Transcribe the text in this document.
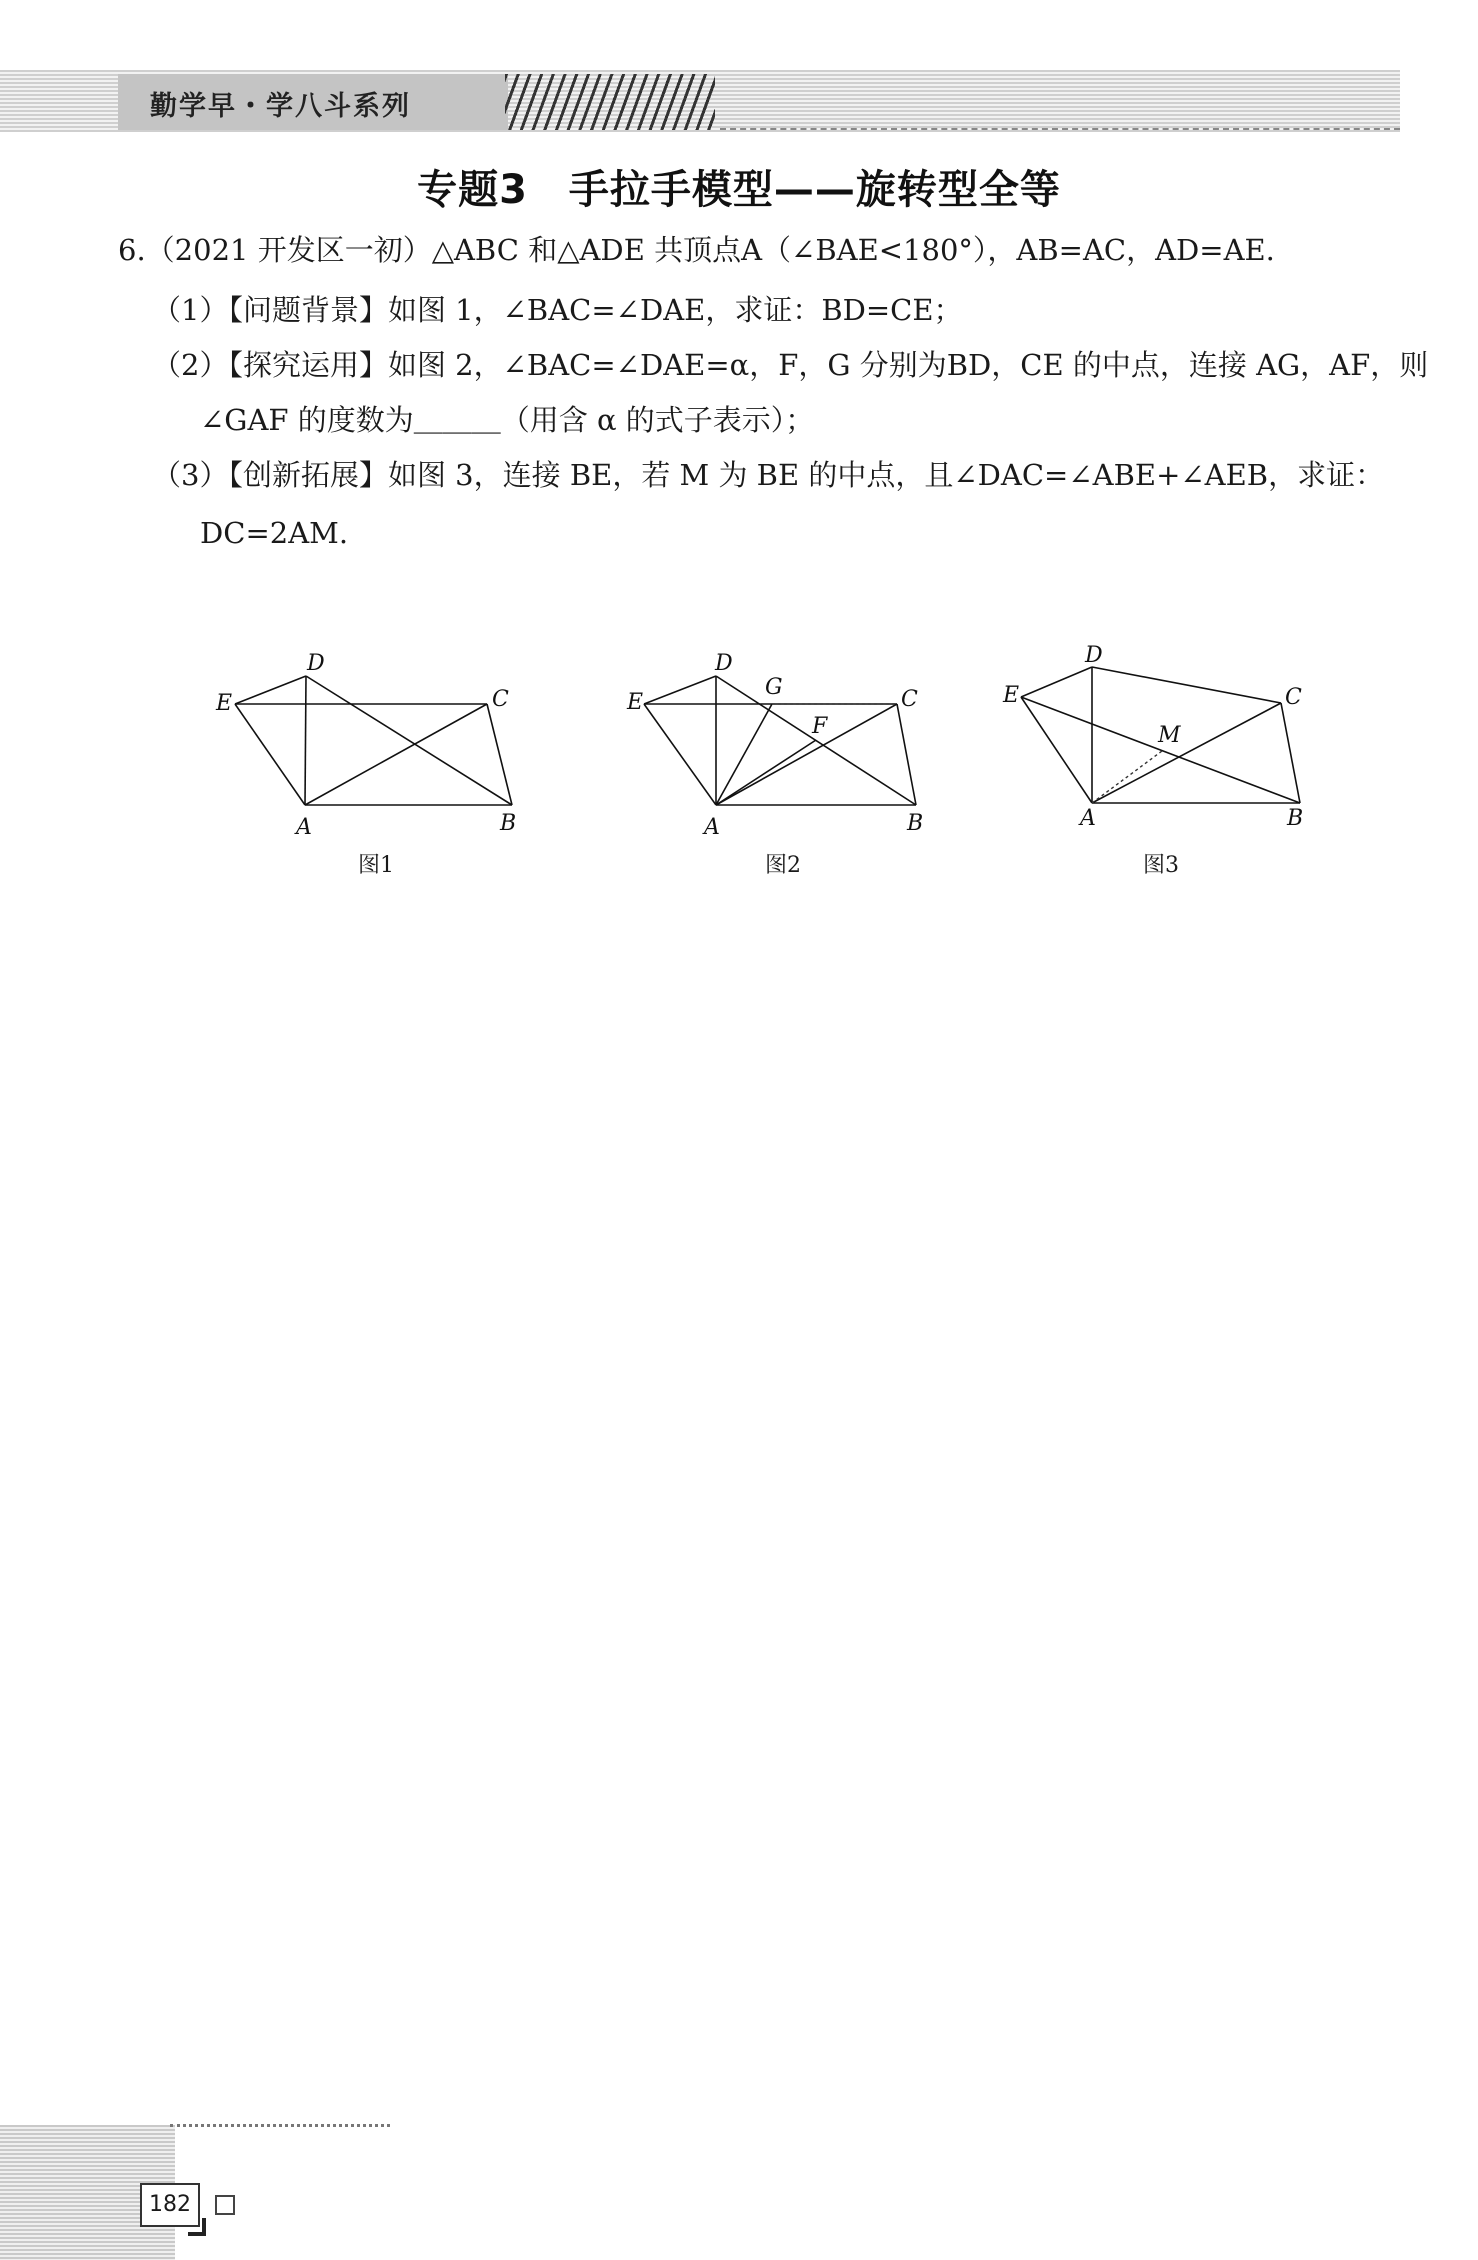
勤学早・学八斗系列
专题3　手拉手模型——旋转型全等
6.（2021 开发区一初）△ABC 和△ADE 共顶点A（∠BAE<180°），AB=AC，AD=AE.
（1）【问题背景】如图 1，∠BAC=∠DAE，求证：BD=CE；
（2）【探究运用】如图 2，∠BAC=∠DAE=α，F，G 分别为BD，CE 的中点，连接 AG，AF，则
∠GAF 的度数为＿＿＿（用含 α 的式子表示）；
（3）【创新拓展】如图 3，连接 BE，若 M 为 BE 的中点，且∠DAC=∠ABE+∠AEB，求证：
DC=2AM.
D
E	C
A	B
D
G
E	C
F
A	B
D
E	C
M
A	B
图1	图2	图3
182
